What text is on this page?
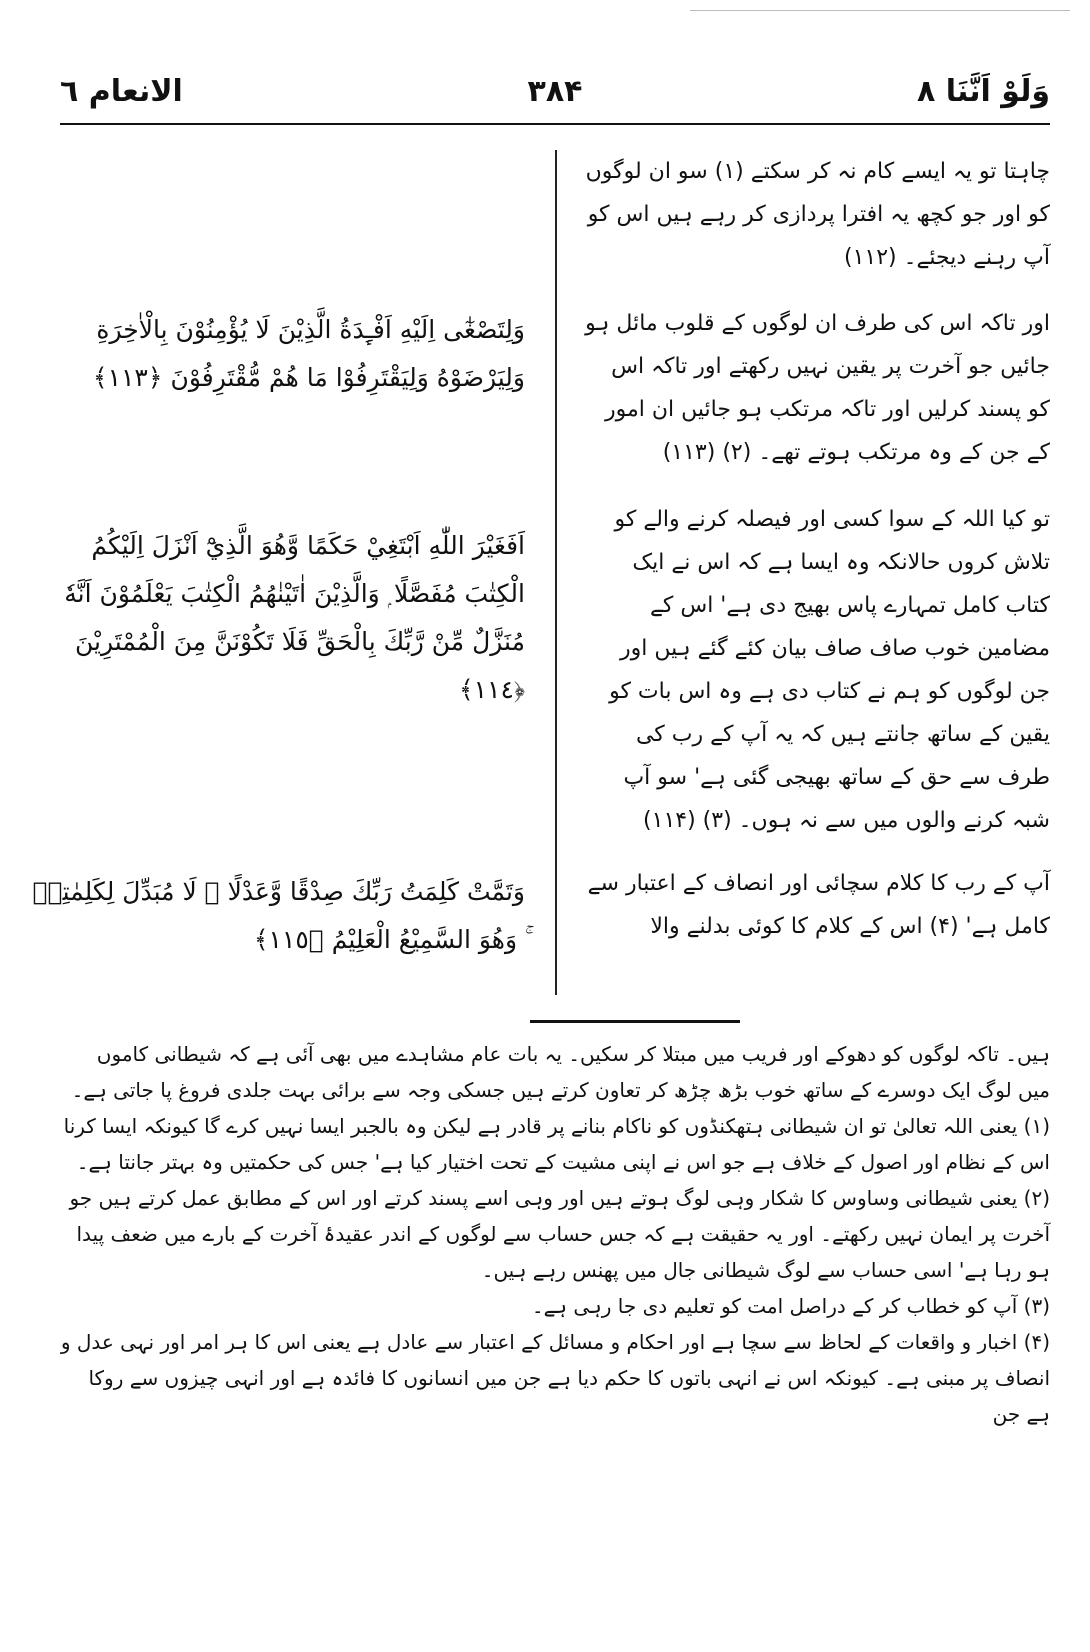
وَلَوْ اَنَّنَا ٨
۳۸۴
الانعام ٦
چاہتا تو یہ ایسے کام نہ کر سکتے (۱) سو ان لوگوں کو اور جو کچھ یہ افترا پردازی کر رہے ہیں اس کو آپ رہنے دیجئے۔ (۱۱۲)
اور تاکہ اس کی طرف ان لوگوں کے قلوب مائل ہو جائیں جو آخرت پر یقین نہیں رکھتے اور تاکہ اس کو پسند کرلیں اور تاکہ مرتکب ہو جائیں ان امور کے جن کے وہ مرتکب ہوتے تھے۔ (۲) (۱۱۳)
تو کیا اللہ کے سوا کسی اور فیصلہ کرنے والے کو تلاش کروں حالانکہ وہ ایسا ہے کہ اس نے ایک کتاب کامل تمہارے پاس بھیج دی ہے' اس کے مضامین خوب صاف صاف بیان کئے گئے ہیں اور جن لوگوں کو ہم نے کتاب دی ہے وہ اس بات کو یقین کے ساتھ جانتے ہیں کہ یہ آپ کے رب کی طرف سے حق کے ساتھ بھیجی گئی ہے' سو آپ شبہ کرنے والوں میں سے نہ ہوں۔ (۳) (۱۱۴)
آپ کے رب کا کلام سچائی اور انصاف کے اعتبار سے کامل ہے' (۴) اس کے کلام کا کوئی بدلنے والا
وَلِتَصْغٰٓى اِلَيْهِ اَفْـِٕدَةُ الَّذِيْنَ لَا يُؤْمِنُوْنَ بِالْاٰخِرَةِ وَلِيَرْضَوْهُ وَلِيَقْتَرِفُوْا مَا هُمْ مُّقْتَرِفُوْنَ ﴿١١٣﴾
اَفَغَيْرَ اللّٰهِ اَبْتَغِيْ حَكَمًا وَّهُوَ الَّذِيْٓ اَنْزَلَ اِلَيْكُمُ الْكِتٰبَ مُفَصَّلًا ۭ وَالَّذِيْنَ اٰتَيْنٰهُمُ الْكِتٰبَ يَعْلَمُوْنَ اَنَّهٗ مُنَزَّلٌ مِّنْ رَّبِّكَ بِالْحَقِّ فَلَا تَكُوْنَنَّ مِنَ الْمُمْتَرِيْنَ ﴿١١٤﴾
وَتَمَّتْ كَلِمَتُ رَبِّكَ صِدْقًا وَّعَدْلًا ۭ لَا مُبَدِّلَ لِكَلِمٰتِهٖ ۚ وَهُوَ السَّمِيْعُ الْعَلِيْمُ ﴿١١٥﴾

ہیں۔ تاکہ لوگوں کو دھوکے اور فریب میں مبتلا کر سکیں۔ یہ بات عام مشاہدے میں بھی آئی ہے کہ شیطانی کاموں میں لوگ ایک دوسرے کے ساتھ خوب بڑھ چڑھ کر تعاون کرتے ہیں جسکی وجہ سے برائی بہت جلدی فروغ پا جاتی ہے۔

(۱) یعنی اللہ تعالیٰ تو ان شیطانی ہتھکنڈوں کو ناکام بنانے پر قادر ہے لیکن وہ بالجبر ایسا نہیں کرے گا کیونکہ ایسا کرنا اس کے نظام اور اصول کے خلاف ہے جو اس نے اپنی مشیت کے تحت اختیار کیا ہے' جس کی حکمتیں وہ بہتر جانتا ہے۔

(۲) یعنی شیطانی وساوس کا شکار وہی لوگ ہوتے ہیں اور وہی اسے پسند کرتے اور اس کے مطابق عمل کرتے ہیں جو آخرت پر ایمان نہیں رکھتے۔ اور یہ حقیقت ہے کہ جس حساب سے لوگوں کے اندر عقیدۂ آخرت کے بارے میں ضعف پیدا ہو رہا ہے' اسی حساب سے لوگ شیطانی جال میں پھنس رہے ہیں۔

(۳) آپ کو خطاب کر کے دراصل امت کو تعلیم دی جا رہی ہے۔

(۴) اخبار و واقعات کے لحاظ سے سچا ہے اور احکام و مسائل کے اعتبار سے عادل ہے یعنی اس کا ہر امر اور نہی عدل و انصاف پر مبنی ہے۔ کیونکہ اس نے انہی باتوں کا حکم دیا ہے جن میں انسانوں کا فائدہ ہے اور انہی چیزوں سے روکا ہے جن
